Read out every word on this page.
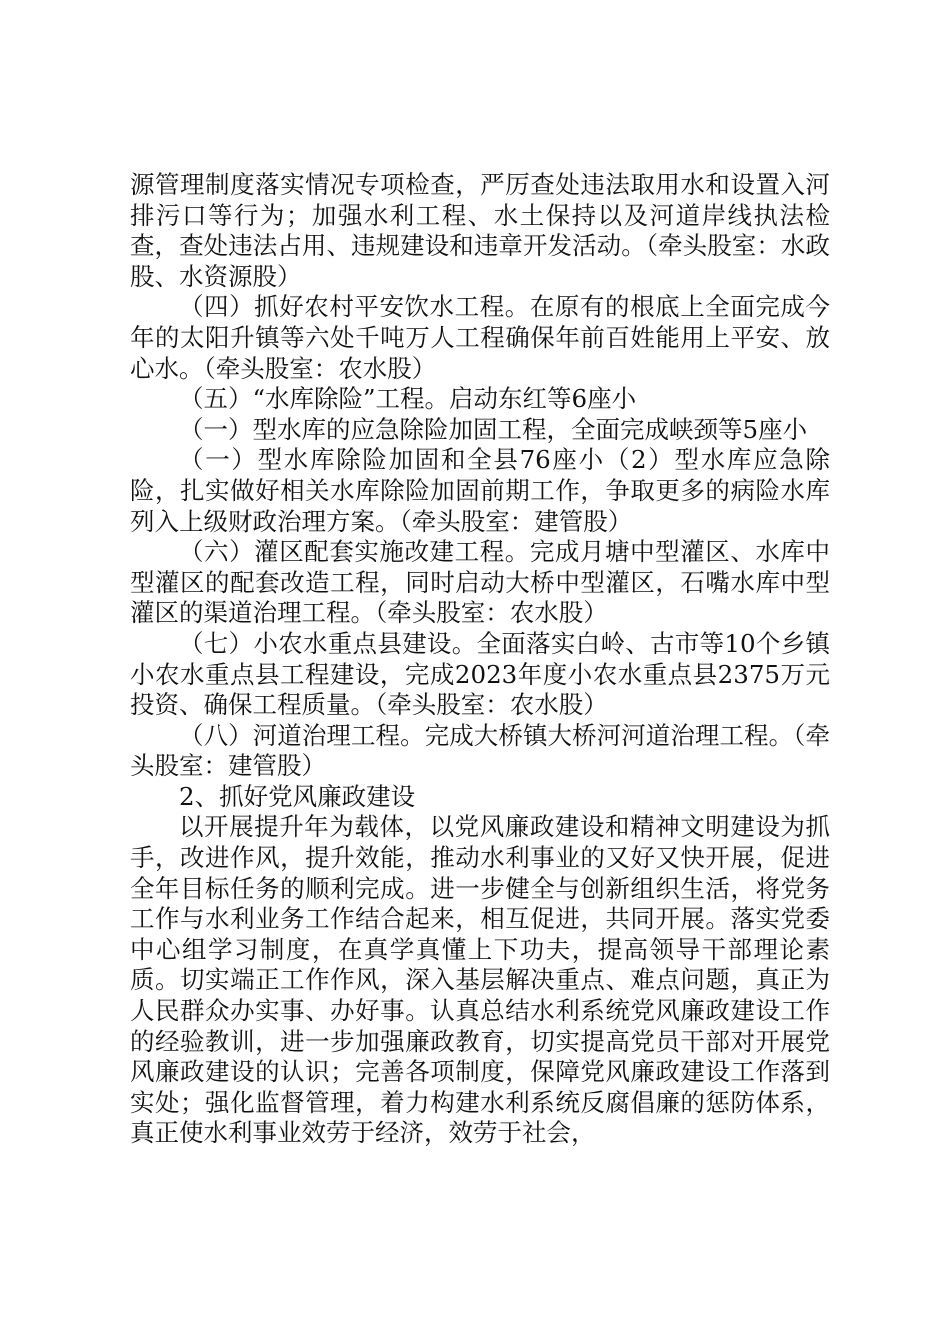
源管理制度落实情况专项检查，严厉查处违法取用水和设置入河排污口等行为；加强水利工程、水土保持以及河道岸线执法检查，查处违法占用、违规建设和违章开发活动。（牵头股室：水政股、水资源股）

（四）抓好农村平安饮水工程。在原有的根底上全面完成今年的太阳升镇等六处千吨万人工程确保年前百姓能用上平安、放心水。（牵头股室：农水股）

（五）“水库除险”工程。启动东红等6座小

（一）型水库的应急除险加固工程，全面完成峡颈等5座小

（一）型水库除险加固和全县76座小（2）型水库应急除险，扎实做好相关水库除险加固前期工作，争取更多的病险水库列入上级财政治理方案。（牵头股室：建管股）

（六）灌区配套实施改建工程。完成月塘中型灌区、水库中型灌区的配套改造工程，同时启动大桥中型灌区，石嘴水库中型灌区的渠道治理工程。（牵头股室：农水股）

（七）小农水重点县建设。全面落实白岭、古市等10个乡镇小农水重点县工程建设，完成2023年度小农水重点县2375万元投资、确保工程质量。（牵头股室：农水股）

（八）河道治理工程。完成大桥镇大桥河河道治理工程。（牵头股室：建管股）

2、抓好党风廉政建设

以开展提升年为载体，以党风廉政建设和精神文明建设为抓手，改进作风，提升效能，推动水利事业的又好又快开展，促进全年目标任务的顺利完成。进一步健全与创新组织生活，将党务工作与水利业务工作结合起来，相互促进，共同开展。落实党委中心组学习制度，在真学真懂上下功夫，提高领导干部理论素质。切实端正工作作风，深入基层解决重点、难点问题，真正为人民群众办实事、办好事。认真总结水利系统党风廉政建设工作的经验教训，进一步加强廉政教育，切实提高党员干部对开展党风廉政建设的认识；完善各项制度，保障党风廉政建设工作落到实处；强化监督管理，着力构建水利系统反腐倡廉的惩防体系，真正使水利事业效劳于经济，效劳于社会，
